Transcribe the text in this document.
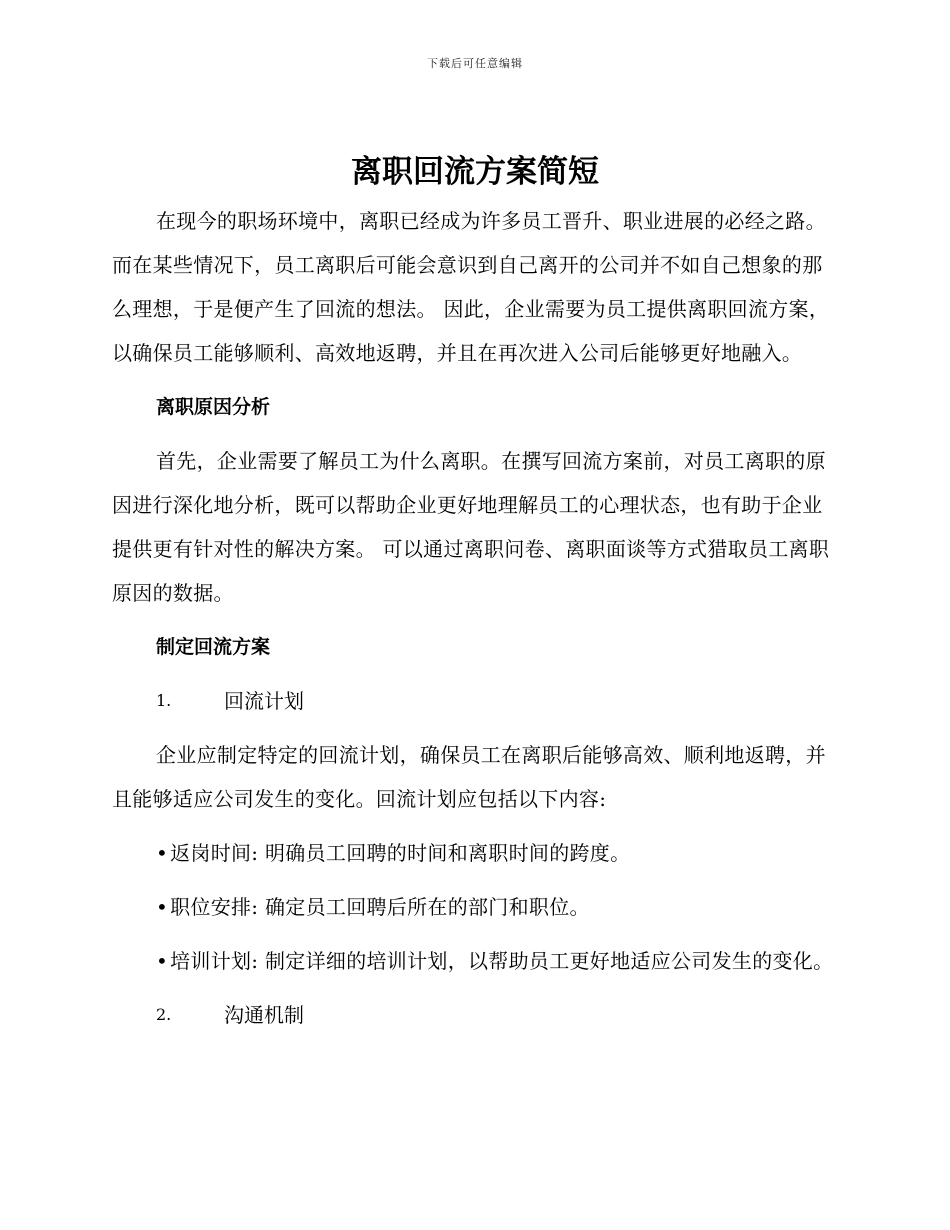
下载后可任意编辑
离职回流方案简短

在现今的职场环境中，离职已经成为许多员工晋升、职业进展的必经之路。而在某些情况下，员工离职后可能会意识到自己离开的公司并不如自己想象的那么理想，于是便产生了回流的想法。 因此，企业需要为员工提供离职回流方案，以确保员工能够顺利、高效地返聘，并且在再次进入公司后能够更好地融入。

离职原因分析

首先，企业需要了解员工为什么离职。在撰写回流方案前，对员工离职的原因进行深化地分析，既可以帮助企业更好地理解员工的心理状态，也有助于企业提供更有针对性的解决方案。 可以通过离职问卷、离职面谈等方式猎取员工离职原因的数据。

制定回流方案
1.	回流计划

企业应制定特定的回流计划，确保员工在离职后能够高效、顺利地返聘，并且能够适应公司发生的变化。回流计划应包括以下内容:

• 返岗时间: 明确员工回聘的时间和离职时间的跨度。

• 职位安排: 确定员工回聘后所在的部门和职位。

• 培训计划: 制定详细的培训计划，以帮助员工更好地适应公司发生的变化。

2.	沟通机制
